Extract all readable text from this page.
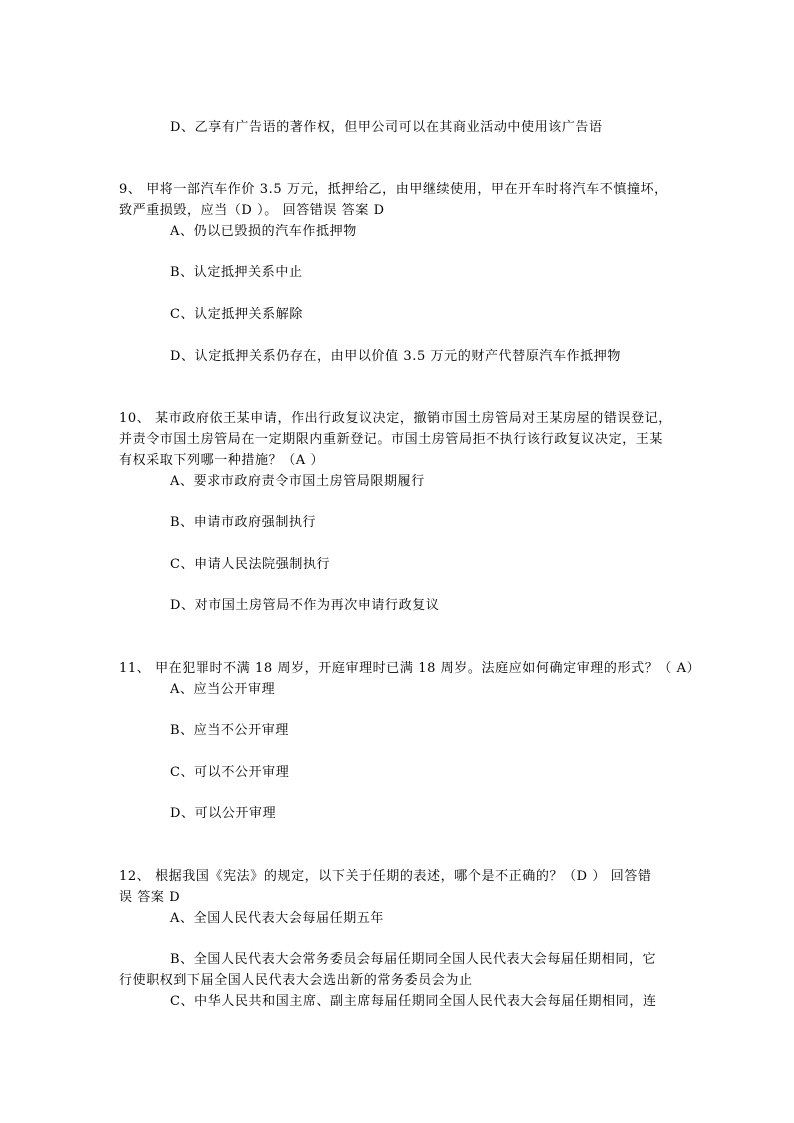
D、乙享有广告语的著作权，但甲公司可以在其商业活动中使用该广告语
9、 甲将一部汽车作价 3.5 万元，抵押给乙，由甲继续使用，甲在开车时将汽车不慎撞坏，
致严重损毁，应当（D ）。 回答错误 答案 D
A、仍以已毁损的汽车作抵押物
B、认定抵押关系中止
C、认定抵押关系解除
D、认定抵押关系仍存在，由甲以价值 3.5 万元的财产代替原汽车作抵押物
10、 某市政府依王某申请，作出行政复议决定，撤销市国土房管局对王某房屋的错误登记，
并责令市国土房管局在一定期限内重新登记。市国土房管局拒不执行该行政复议决定，王某
有权采取下列哪一种措施？（A ）
A、要求市政府责令市国土房管局限期履行
B、申请市政府强制执行
C、申请人民法院强制执行
D、对市国土房管局不作为再次申请行政复议
11、 甲在犯罪时不满 18 周岁，开庭审理时已满 18 周岁。法庭应如何确定审理的形式？（ A）
A、应当公开审理
B、应当不公开审理
C、可以不公开审理
D、可以公开审理
12、 根据我国《宪法》的规定，以下关于任期的表述，哪个是不正确的？（D ） 回答错
误 答案 D
A、全国人民代表大会每届任期五年
B、全国人民代表大会常务委员会每届任期同全国人民代表大会每届任期相同，它
行使职权到下届全国人民代表大会选出新的常务委员会为止
C、中华人民共和国主席、副主席每届任期同全国人民代表大会每届任期相同，连
